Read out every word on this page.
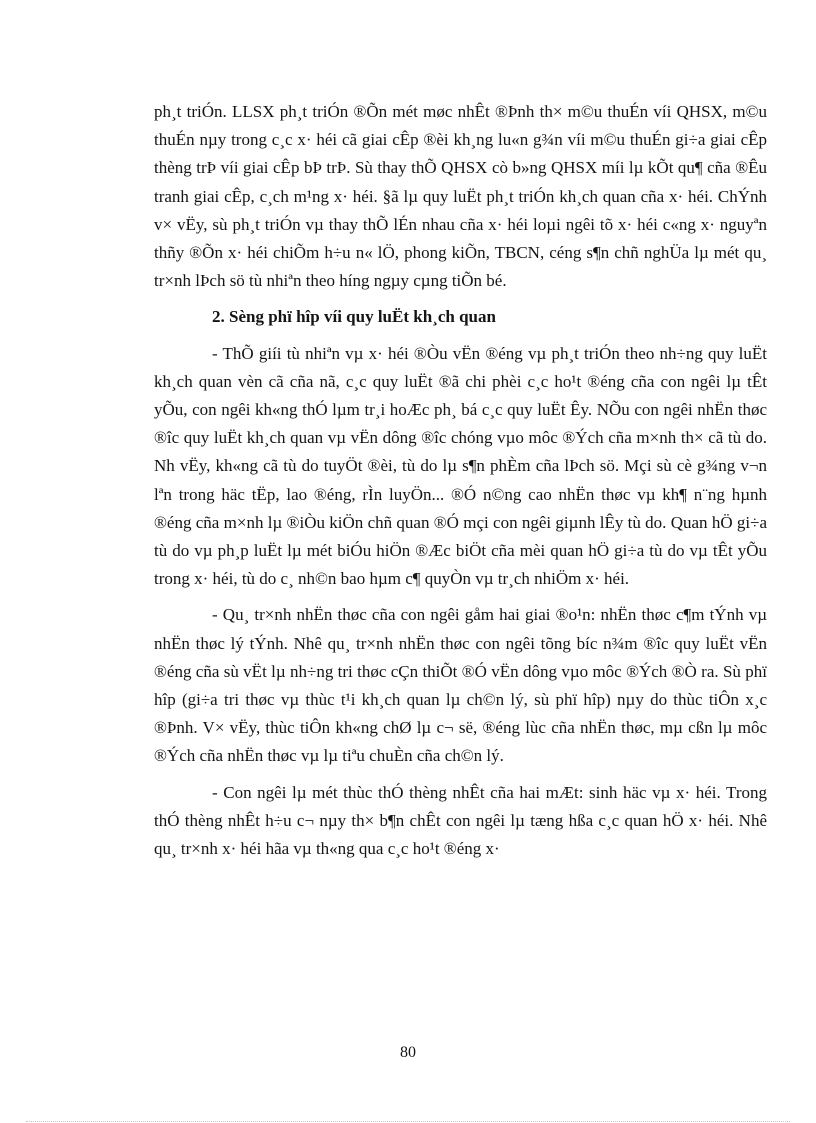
ph¸t triÓn. LLSX ph¸t triÓn ®Õn mét møc nhÊt ®Þnh th× m©u thuÉn víi QHSX, m©u thuÉn nµy trong c¸c x· héi cã giai cÊp ®èi kh¸ng lu«n g¾n víi m©u thuÉn gi÷a giai cÊp thèng trÞ víi giai cÊp bÞ trÞ. Sù thay thÕ QHSX cò b»ng QHSX míi lµ kÕt qu¶ cña ®Êu tranh giai cÊp, c¸ch m¹ng x· héi. §ã lµ quy luËt ph¸t triÓn kh¸ch quan cña x· héi. ChÝnh v× vËy, sù ph¸t triÓn vµ thay thÕ lÉn nhau cña x· héi loµi ngêi tõ x· héi c«ng x· nguyªn thñy ®Õn x· héi chiÕm h÷u n« lÖ, phong kiÕn, TBCN, céng s¶n chñ nghÜa lµ mét qu¸ tr×nh lÞch sö tù nhiªn theo híng ngµy cµng tiÕn bé.

2. Sèng phï hîp víi quy luËt kh¸ch quan

- ThÕ giíi tù nhiªn vµ x· héi ®Òu vËn ®éng vµ ph¸t triÓn theo nh÷ng quy luËt kh¸ch quan vèn cã cña nã, c¸c quy luËt ®ã chi phèi c¸c ho¹t ®éng cña con ngêi lµ tÊt yÕu, con ngêi kh«ng thÓ lµm tr¸i hoÆc ph¸ bá c¸c quy luËt Êy. NÕu con ngêi nhËn thøc ®îc quy luËt kh¸ch quan vµ vËn dông ®îc chóng vµo môc ®Ých cña m×nh th× cã tù do. Nh vËy, kh«ng cã tù do tuyÖt ®èi, tù do lµ s¶n phÈm cña lÞch sö. Mçi sù cè g¾ng v¬n lªn trong häc tËp, lao ®éng, rÌn luyÖn... ®Ó n©ng cao nhËn thøc vµ kh¶ n¨ng hµnh ®éng cña m×nh lµ ®iÒu kiÖn chñ quan ®Ó mçi con ngêi giµnh lÊy tù do. Quan hÖ gi÷a tù do vµ ph¸p luËt lµ mét biÓu hiÖn ®Æc biÖt cña mèi quan hÖ gi÷a tù do vµ tÊt yÕu trong x· héi, tù do c¸ nh©n bao hµm c¶ quyÒn vµ tr¸ch nhiÖm x· héi.

- Qu¸ tr×nh nhËn thøc cña con ngêi gåm hai giai ®o¹n: nhËn thøc c¶m tÝnh vµ nhËn thøc lý tÝnh. Nhê qu¸ tr×nh nhËn thøc con ngêi tõng bíc n¾m ®îc quy luËt vËn ®éng cña sù vËt lµ nh÷ng tri thøc cÇn thiÕt ®Ó vËn dông vµo môc ®Ých ®Ò ra. Sù phï hîp (gi÷a tri thøc vµ thùc t¹i kh¸ch quan lµ ch©n lý, sù phï hîp) nµy do thùc tiÔn x¸c ®Þnh. V× vËy, thùc tiÔn kh«ng chØ lµ c¬ së, ®éng lùc cña nhËn thøc, mµ cßn lµ môc ®Ých cña nhËn thøc vµ lµ tiªu chuÈn cña ch©n lý.

- Con ngêi lµ mét thùc thÓ thèng nhÊt cña hai mÆt: sinh häc vµ x· héi. Trong thÓ thèng nhÊt h÷u c¬ nµy th× b¶n chÊt con ngêi lµ tæng hßa c¸c quan hÖ x· héi. Nhê qu¸ tr×nh x· héi hãa vµ th«ng qua c¸c ho¹t ®éng x·

80
